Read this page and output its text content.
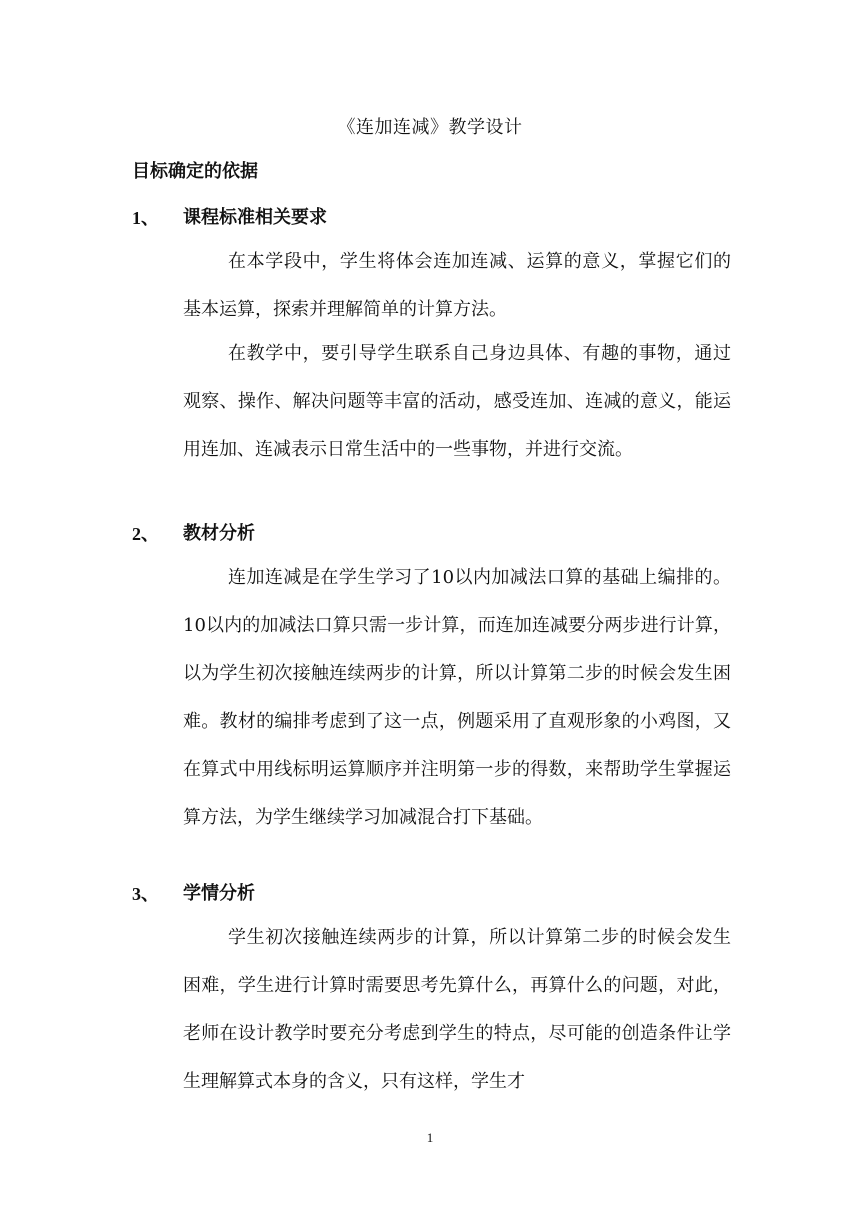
《连加连减》教学设计
目标确定的依据
1、 课程标准相关要求

在本学段中，学生将体会连加连减、运算的意义，掌握它们的基本运算，探索并理解简单的计算方法。

在教学中，要引导学生联系自己身边具体、有趣的事物，通过观察、操作、解决问题等丰富的活动，感受连加、连减的意义，能运用连加、连减表示日常生活中的一些事物，并进行交流。

2、 教材分析

连加连减是在学生学习了10以内加减法口算的基础上编排的。10以内的加减法口算只需一步计算，而连加连减要分两步进行计算，以为学生初次接触连续两步的计算，所以计算第二步的时候会发生困难。教材的编排考虑到了这一点，例题采用了直观形象的小鸡图，又在算式中用线标明运算顺序并注明第一步的得数，来帮助学生掌握运算方法，为学生继续学习加减混合打下基础。

3、 学情分析

学生初次接触连续两步的计算，所以计算第二步的时候会发生困难，学生进行计算时需要思考先算什么，再算什么的问题，对此，老师在设计教学时要充分考虑到学生的特点，尽可能的创造条件让学生理解算式本身的含义，只有这样，学生才

1
